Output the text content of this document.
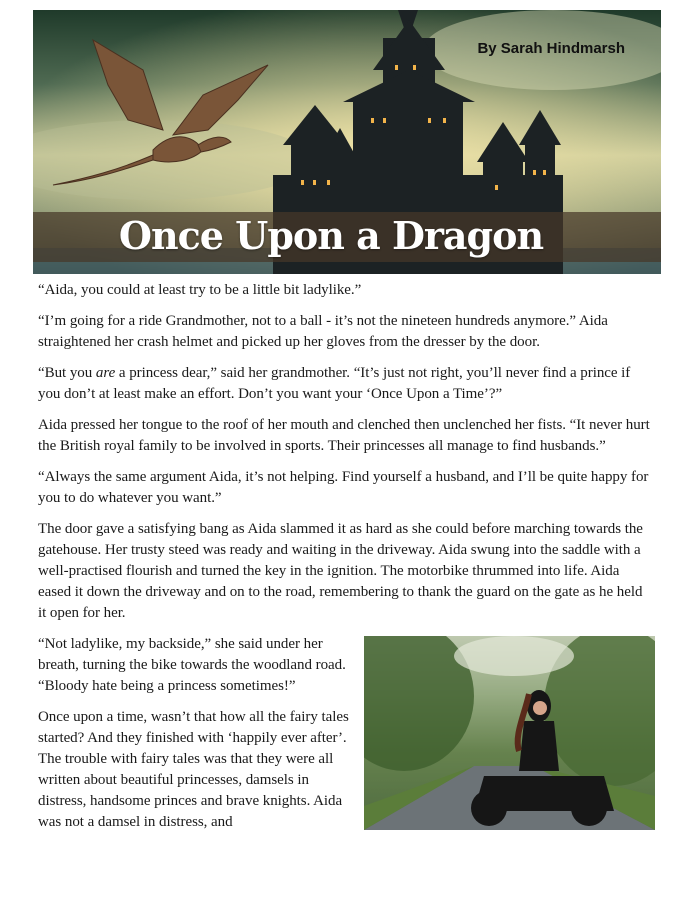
By Sarah Hindmarsh
Once Upon a Dragon

“Aida, you could at least try to be a little bit ladylike.”

“I’m going for a ride Grandmother, not to a ball - it’s not the nineteen hundreds anymore.” Aida straightened her crash helmet and picked up her gloves from the dresser by the door.

“But you are a princess dear,” said her grandmother. “It’s just not right, you’ll never find a prince if you don’t at least make an effort. Don’t you want your ‘Once Upon a Time’?”

Aida pressed her tongue to the roof of her mouth and clenched then unclenched her fists. “It never hurt the British royal family to be involved in sports. Their princesses all manage to find husbands.”

“Always the same argument Aida, it’s not helping. Find yourself a husband, and I’ll be quite happy for you to do whatever you want.”

The door gave a satisfying bang as Aida slammed it as hard as she could before marching towards the gatehouse. Her trusty steed was ready and waiting in the driveway. Aida swung into the saddle with a well-practised flourish and turned the key in the ignition. The motorbike thrummed into life. Aida eased it down the driveway and on to the road, remembering to thank the guard on the gate as he held it open for her.

“Not ladylike, my backside,” she said under her breath, turning the bike towards the woodland road. “Bloody hate being a princess sometimes!”

Once upon a time, wasn’t that how all the fairy tales started? And they finished with ‘happily ever after’. The trouble with fairy tales was that they were all written about beautiful princesses, damsels in distress, handsome princes and brave knights. Aida was not a damsel in distress, and
